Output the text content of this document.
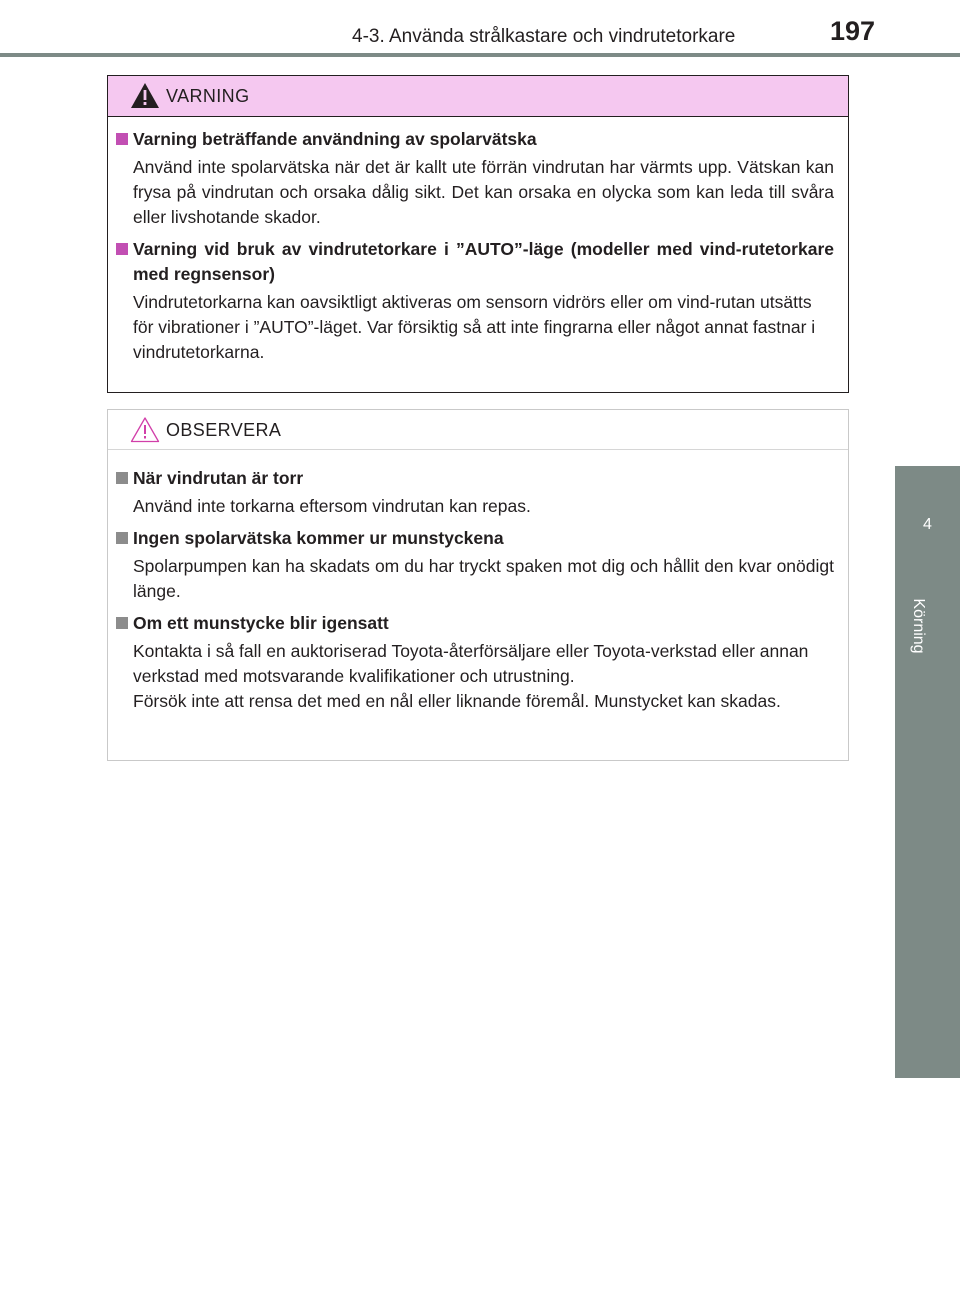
4-3. Använda strålkastare och vindrutetorkare	197
4
Körning
VARNING
Varning beträffande användning av spolarvätska
Använd inte spolarvätska när det är kallt ute förrän vindrutan har värmts upp. Vätskan kan frysa på vindrutan och orsaka dålig sikt. Det kan orsaka en olycka som kan leda till svåra eller livshotande skador.
Varning vid bruk av vindrutetorkare i ”AUTO”-läge (modeller med vind-rutetorkare med regnsensor)
Vindrutetorkarna kan oavsiktligt aktiveras om sensorn vidrörs eller om vind-rutan utsätts för vibrationer i ”AUTO”-läget. Var försiktig så att inte fingrarna eller något annat fastnar i vindrutetorkarna.
OBSERVERA
När vindrutan är torr
Använd inte torkarna eftersom vindrutan kan repas.
Ingen spolarvätska kommer ur munstyckena
Spolarpumpen kan ha skadats om du har tryckt spaken mot dig och hållit den kvar onödigt länge.
Om ett munstycke blir igensatt
Kontakta i så fall en auktoriserad Toyota-återförsäljare eller Toyota-verkstad eller annan verkstad med motsvarande kvalifikationer och utrustning.
Försök inte att rensa det med en nål eller liknande föremål. Munstycket kan skadas.
